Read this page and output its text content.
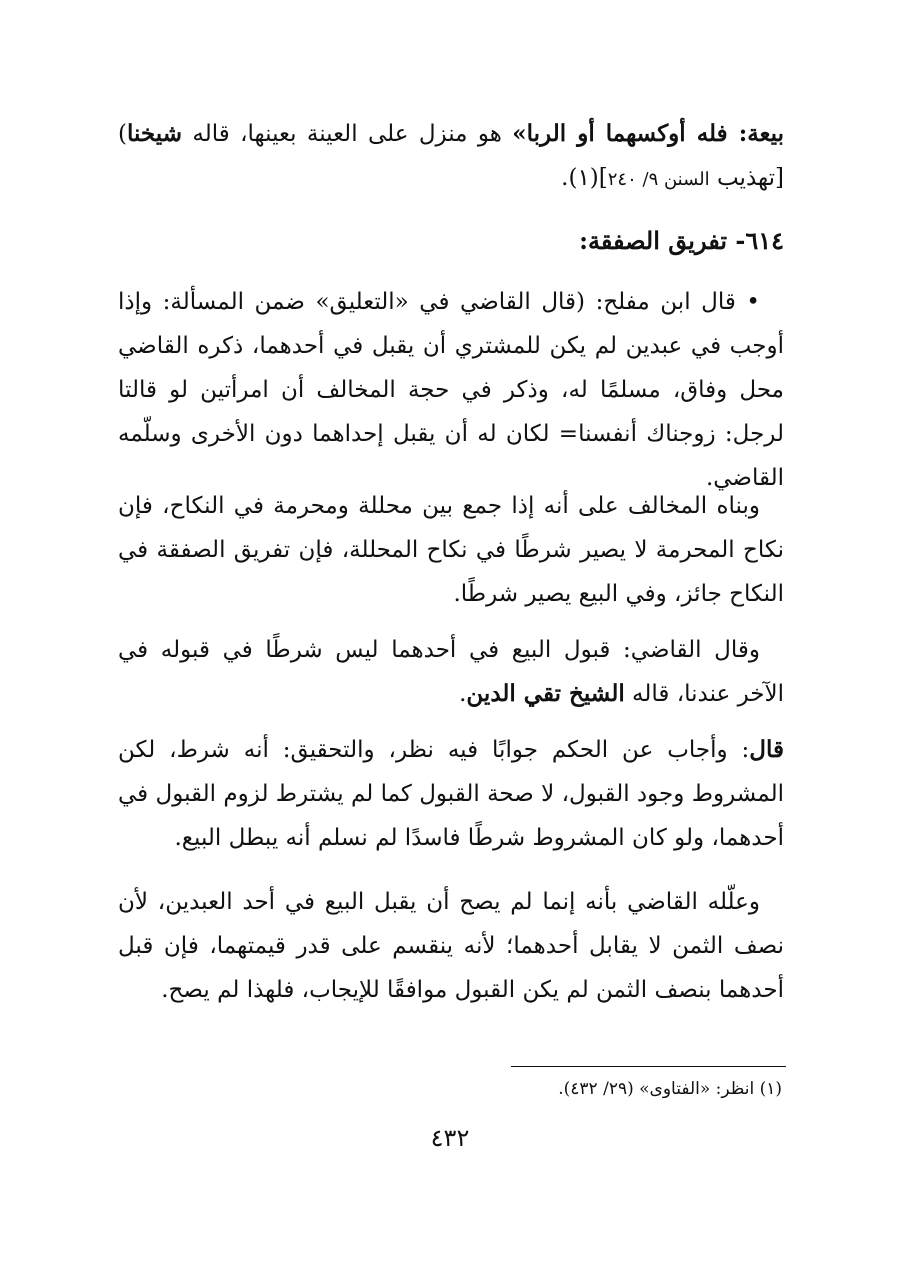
بيعة: فله أوكسهما أو الربا» هو منزل على العينة بعينها، قاله شيخنا) [تهذيب السنن ٩/ ٢٤٠](١).
٦١٤- تفريق الصفقة:
• قال ابن مفلح: (قال القاضي في «التعليق» ضمن المسألة: وإذا أوجب في عبدين لم يكن للمشتري أن يقبل في أحدهما، ذكره القاضي محل وفاق، مسلمًا له، وذكر في حجة المخالف أن امرأتين لو قالتا لرجل: زوجناك أنفسنا= لكان له أن يقبل إحداهما دون الأخرى وسلّمه القاضي.
وبناه المخالف على أنه إذا جمع بين محللة ومحرمة في النكاح، فإن نكاح المحرمة لا يصير شرطًا في نكاح المحللة، فإن تفريق الصفقة في النكاح جائز، وفي البيع يصير شرطًا.
وقال القاضي: قبول البيع في أحدهما ليس شرطًا في قبوله في الآخر عندنا، قاله الشيخ تقي الدين.
قال: وأجاب عن الحكم جوابًا فيه نظر، والتحقيق: أنه شرط، لكن المشروط وجود القبول، لا صحة القبول كما لم يشترط لزوم القبول في أحدهما، ولو كان المشروط شرطًا فاسدًا لم نسلم أنه يبطل البيع.
وعلّله القاضي بأنه إنما لم يصح أن يقبل البيع في أحد العبدين، لأن نصف الثمن لا يقابل أحدهما؛ لأنه ينقسم على قدر قيمتهما، فإن قبل أحدهما بنصف الثمن لم يكن القبول موافقًا للإيجاب، فلهذا لم يصح.
(١) انظر: «الفتاوى» (٢٩/ ٤٣٢).
٤٣٢
